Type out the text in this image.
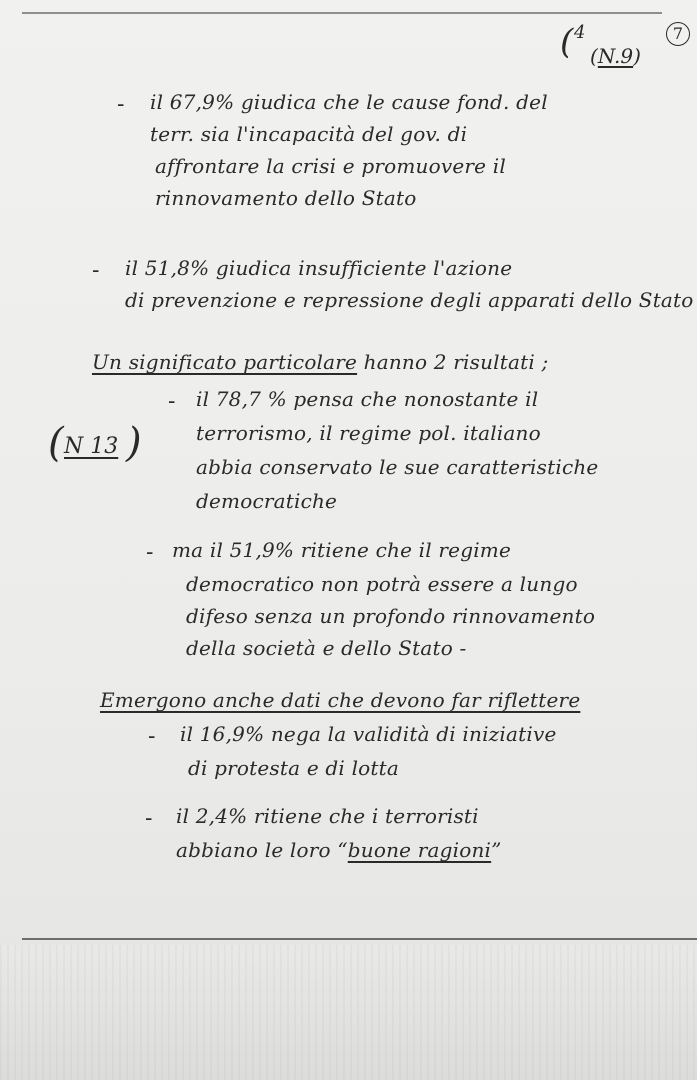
( 4
(N.9)
7
- il 67,9% giudica che le cause fond. del
terr. sia l'incapacità del gov. di
affrontare la crisi e promuovere il
rinnovamento dello Stato
- il 51,8% giudica insufficiente l'azione
di prevenzione e repressione degli apparati dello Stato
Un significato particolare hanno 2 risultati ;
( N 13 )
- il 78,7 % pensa che nonostante il
terrorismo, il regime pol. italiano
abbia conservato le sue caratteristiche
democratiche
- ma il 51,9% ritiene che il regime
democratico non potrà essere a lungo
difeso senza un profondo rinnovamento
della società e dello Stato -
Emergono anche dati che devono far riflettere
- il 16,9% nega la validità di iniziative
di protesta e di lotta
- il 2,4% ritiene che i terroristi
abbiano le loro “buone ragioni”
